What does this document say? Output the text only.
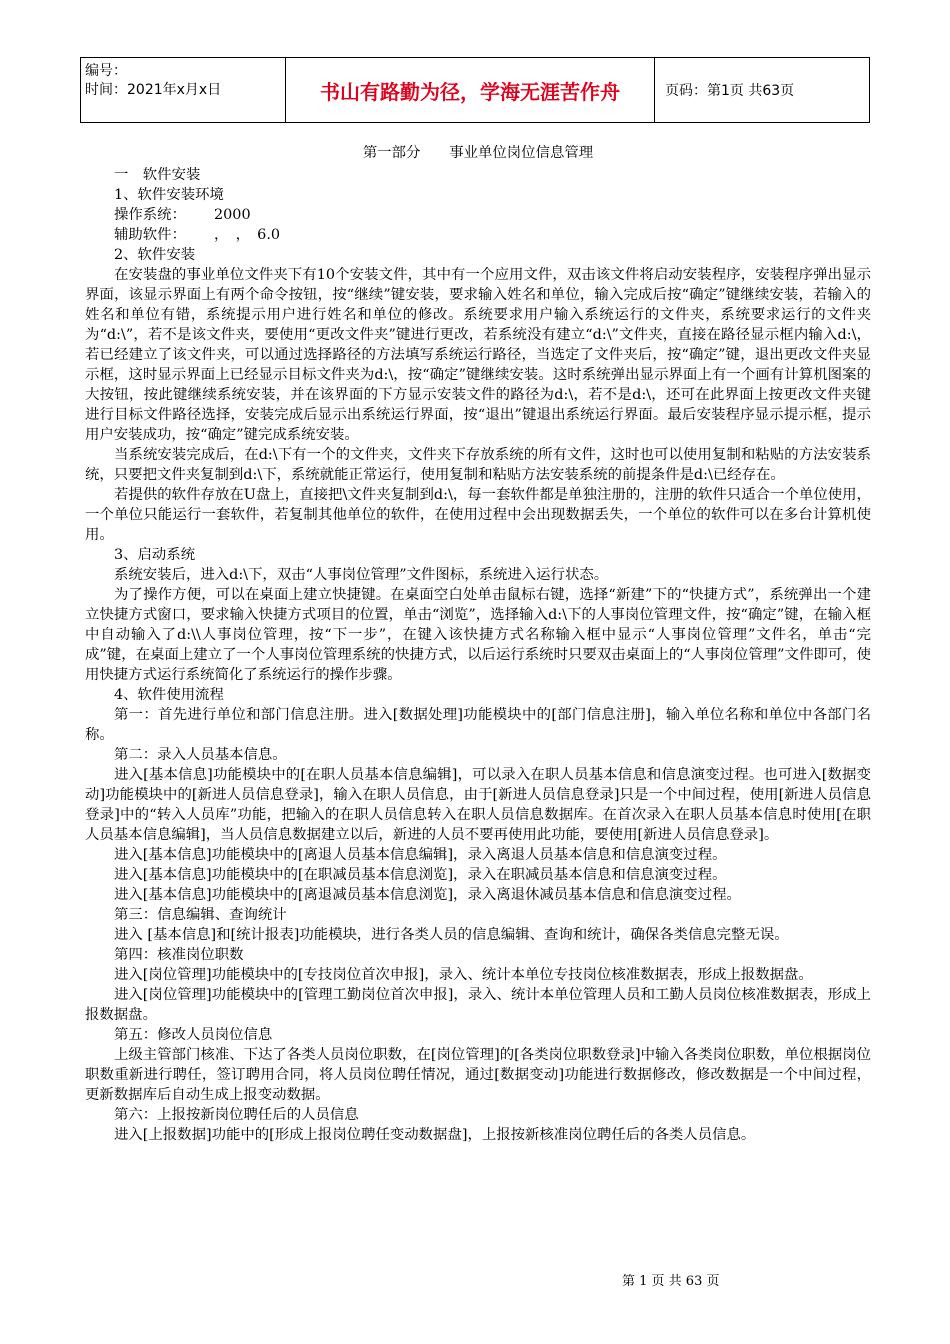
编号：
时间：2021年x月x日	书山有路勤为径，学海无涯苦作舟	页码：第1页 共63页

第一部分　　事业单位岗位信息管理

一　软件安装

1、软件安装环境

操作系统： 2000

辅助软件： ，　，　6.0

2、软件安装

在安装盘的事业单位文件夹下有10个安装文件，其中有一个应用文件，双击该文件将启动安装程序，安装程序弹出显示界面，该显示界面上有两个命令按钮，按“继续”键安装，要求输入姓名和单位，输入完成后按“确定”键继续安装，若输入的姓名和单位有错，系统提示用户进行姓名和单位的修改。系统要求用户输入系统运行的文件夹，系统要求运行的文件夹为“d:\”，若不是该文件夹，要使用“更改文件夹”键进行更改，若系统没有建立“d:\”文件夹，直接在路径显示框内输入d:\，若已经建立了该文件夹，可以通过选择路径的方法填写系统运行路径，当选定了文件夹后，按“确定”键，退出更改文件夹显示框，这时显示界面上已经显示目标文件夹为d:\，按“确定”键继续安装。这时系统弹出显示界面上有一个画有计算机图案的大按钮，按此键继续系统安装，并在该界面的下方显示安装文件的路径为d:\，若不是d:\，还可在此界面上按更改文件夹键进行目标文件路径选择，安装完成后显示出系统运行界面，按“退出”键退出系统运行界面。最后安装程序显示提示框，提示用户安装成功，按“确定”键完成系统安装。

当系统安装完成后，在d:\下有一个的文件夹，文件夹下存放系统的所有文件，这时也可以使用复制和粘贴的方法安装系统，只要把文件夹复制到d:\下，系统就能正常运行，使用复制和粘贴方法安装系统的前提条件是d:\已经存在。

若提供的软件存放在U盘上，直接把\文件夹复制到d:\，每一套软件都是单独注册的，注册的软件只适合一个单位使用，一个单位只能运行一套软件，若复制其他单位的软件，在使用过程中会出现数据丢失，一个单位的软件可以在多台计算机使用。

3、启动系统

系统安装后，进入d:\下，双击“人事岗位管理”文件图标，系统进入运行状态。

为了操作方便，可以在桌面上建立快捷键。在桌面空白处单击鼠标右键，选择“新建”下的“快捷方式”，系统弹出一个建立快捷方式窗口，要求输入快捷方式项目的位置，单击“浏览”，选择输入d:\下的人事岗位管理文件，按“确定”键，在输入框中自动输入了d:\\人事岗位管理，按“下一步”，在键入该快捷方式名称输入框中显示“人事岗位管理”文件名，单击“完成”键，在桌面上建立了一个人事岗位管理系统的快捷方式，以后运行系统时只要双击桌面上的“人事岗位管理”文件即可，使用快捷方式运行系统简化了系统运行的操作步骤。

4、软件使用流程

第一：首先进行单位和部门信息注册。进入[数据处理]功能模块中的[部门信息注册]，输入单位名称和单位中各部门名称。

第二：录入人员基本信息。

进入[基本信息]功能模块中的[在职人员基本信息编辑]，可以录入在职人员基本信息和信息演变过程。也可进入[数据变动]功能模块中的[新进人员信息登录]，输入在职人员信息，由于[新进人员信息登录]只是一个中间过程，使用[新进人员信息登录]中的“转入人员库”功能，把输入的在职人员信息转入在职人员信息数据库。在首次录入在职人员基本信息时使用[在职人员基本信息编辑]，当人员信息数据建立以后，新进的人员不要再使用此功能，要使用[新进人员信息登录]。

进入[基本信息]功能模块中的[离退人员基本信息编辑]，录入离退人员基本信息和信息演变过程。

进入[基本信息]功能模块中的[在职减员基本信息浏览]，录入在职减员基本信息和信息演变过程。

进入[基本信息]功能模块中的[离退减员基本信息浏览]，录入离退休减员基本信息和信息演变过程。

第三：信息编辑、查询统计

进入 [基本信息]和[统计报表]功能模块，进行各类人员的信息编辑、查询和统计，确保各类信息完整无误。

第四：核准岗位职数

进入[岗位管理]功能模块中的[专技岗位首次申报]，录入、统计本单位专技岗位核准数据表，形成上报数据盘。

进入[岗位管理]功能模块中的[管理工勤岗位首次申报]，录入、统计本单位管理人员和工勤人员岗位核准数据表，形成上报数据盘。

第五：修改人员岗位信息

上级主管部门核准、下达了各类人员岗位职数，在[岗位管理]的[各类岗位职数登录]中输入各类岗位职数，单位根据岗位职数重新进行聘任，签订聘用合同，将人员岗位聘任情况，通过[数据变动]功能进行数据修改，修改数据是一个中间过程，更新数据库后自动生成上报变动数据。

第六：上报按新岗位聘任后的人员信息

进入[上报数据]功能中的[形成上报岗位聘任变动数据盘]，上报按新核准岗位聘任后的各类人员信息。

第 1 页 共 63 页
